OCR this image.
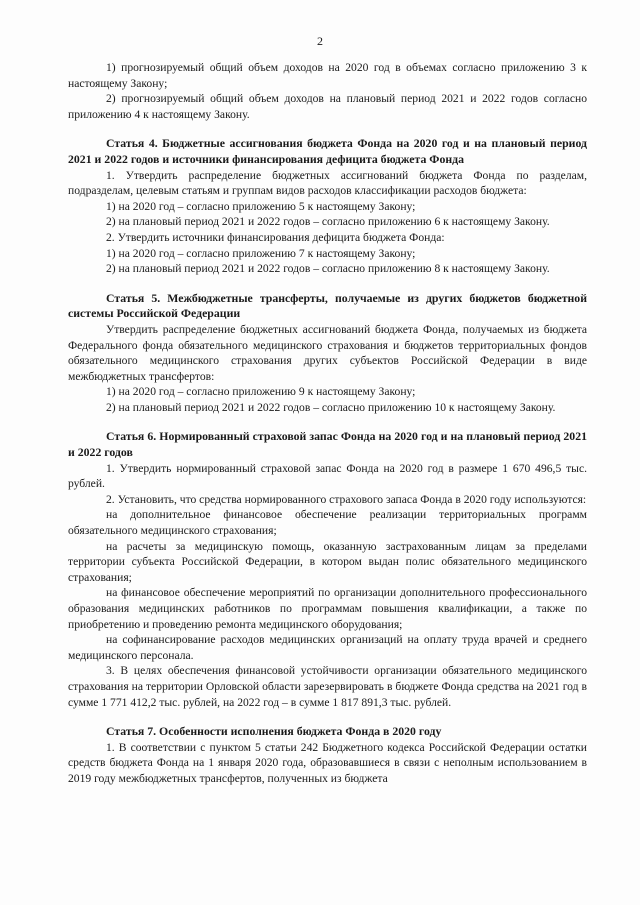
2

1) прогнозируемый общий объем доходов на 2020 год в объемах согласно приложению 3 к настоящему Закону;

2) прогнозируемый общий объем доходов на плановый период 2021 и 2022 годов согласно приложению 4 к настоящему Закону.

Статья 4. Бюджетные ассигнования бюджета Фонда на 2020 год и на плановый период 2021 и 2022 годов и источники финансирования дефицита бюджета Фонда

1. Утвердить распределение бюджетных ассигнований бюджета Фонда по разделам, подразделам, целевым статьям и группам видов расходов классификации расходов бюджета:

1) на 2020 год – согласно приложению 5 к настоящему Закону;

2) на плановый период 2021 и 2022 годов – согласно приложению 6 к настоящему Закону.

2. Утвердить источники финансирования дефицита бюджета Фонда:

1) на 2020 год – согласно приложению 7 к настоящему Закону;

2) на плановый период 2021 и 2022 годов – согласно приложению 8 к настоящему Закону.

Статья 5. Межбюджетные трансферты, получаемые из других бюджетов бюджетной системы Российской Федерации

Утвердить распределение бюджетных ассигнований бюджета Фонда, получаемых из бюджета Федерального фонда обязательного медицинского страхования и бюджетов территориальных фондов обязательного медицинского страхования других субъектов Российской Федерации в виде межбюджетных трансфертов:

1) на 2020 год – согласно приложению 9 к настоящему Закону;

2) на плановый период 2021 и 2022 годов – согласно приложению 10 к настоящему Закону.

Статья 6. Нормированный страховой запас Фонда на 2020 год и на плановый период 2021 и 2022 годов

1. Утвердить нормированный страховой запас Фонда на 2020 год в размере 1 670 496,5 тыс. рублей.

2. Установить, что средства нормированного страхового запаса Фонда в 2020 году используются:

на дополнительное финансовое обеспечение реализации территориальных программ обязательного медицинского страхования;

на расчеты за медицинскую помощь, оказанную застрахованным лицам за пределами территории субъекта Российской Федерации, в котором выдан полис обязательного медицинского страхования;

на финансовое обеспечение мероприятий по организации дополнительного профессионального образования медицинских работников по программам повышения квалификации, а также по приобретению и проведению ремонта медицинского оборудования;

на софинансирование расходов медицинских организаций на оплату труда врачей и среднего медицинского персонала.

3. В целях обеспечения финансовой устойчивости организации обязательного медицинского страхования на территории Орловской области зарезервировать в бюджете Фонда средства на 2021 год в сумме 1 771 412,2 тыс. рублей, на 2022 год – в сумме 1 817 891,3 тыс. рублей.

Статья 7. Особенности исполнения бюджета Фонда в 2020 году

1. В соответствии с пунктом 5 статьи 242 Бюджетного кодекса Российской Федерации остатки средств бюджета Фонда на 1 января 2020 года, образовавшиеся в связи с неполным использованием в 2019 году межбюджетных трансфертов, полученных из бюджета
